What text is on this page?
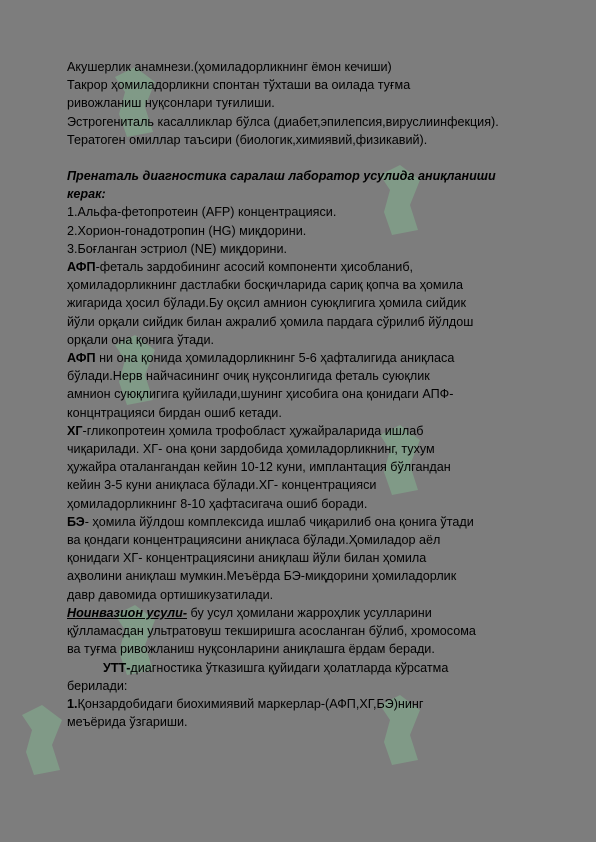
Акушерлик анамнези.(ҳомиладорликнинг ёмон кечиши)
Такрор ҳомиладорликни спонтан тўхташи ва оилада туғма
ривожланиш нуқсонлари туғилиши.
Эстрогениталь касалликлар бўлса (диабет,эпилепсия,вируслиинфекция).
Тератоген омиллар таъсири (биологик,химиявий,физикавий).
Пренаталь диагностика саралаш лаборатор усулида аниқланиши
керак:
1.Альфа-фетопротеин (AFP) концентрацияси.
2.Хорион-гонадотропин (HG) миқдорини.
3.Боғланган эстриол (NE) миқдорини.
АФП-феталь зардобининг асосий компоненти ҳисобланиб,
ҳомиладорликнинг дастлабки босқичларида сариқ қопча ва ҳомила
жигарида ҳосил бўлади.Бу оқсил амнион суюқлигига ҳомила сийдик
йўли орқали сийдик билан ажралиб ҳомила пардага сўрилиб йўлдош
орқали она қонига ўтади.
АФП ни она қонида ҳомиладорликнинг 5-6 ҳафталигида аниқласа
бўлади.Нерв найчасининг очиқ нуқсонлигида феталь суюқлик
амнион суюқлигига қуйилади,шунинг ҳисобига она қонидаги АПФ-
концнтрацияси бирдан ошиб кетади.
ХГ-гликопротеин ҳомила трофобласт ҳужайраларида ишлаб
чиқарилади. ХГ- она қони зардобида ҳомиладорликнинг, тухум
ҳужайра оталангандан кейин 10-12 куни, имплантация бўлгандан
кейин 3-5 куни аниқласа бўлади.ХГ- концентрацияси
ҳомиладорликнинг 8-10 ҳафтасигача ошиб боради.
БЭ- ҳомила йўлдош комплексида ишлаб чиқарилиб она қонига ўтади
ва қондаги концентрациясини аниқласа бўлади.Ҳомиладор аёл
қонидаги ХГ- концентрациясини аниқлаш йўли билан ҳомила
аҳволини аниқлаш мумкин.Меъёрда БЭ-миқдорини ҳомиладорлик
давр давомида ортишикузатилади.
Ноинвазион усули- бу усул ҳомилани жарроҳлик усулларини
қўлламасдан ультратовуш текширишга асосланган бўлиб, хромосома
ва туғма ривожланиш нуқсонларини аниқлашга ёрдам беради.
УТТ-диагностика ўтказишга қуйидаги ҳолатларда кўрсатма
берилади:
1.Қонзардобидаги биохимиявий маркерлар-(АФП,ХГ,БЭ)нинг
меъёрида ўзгариши.
